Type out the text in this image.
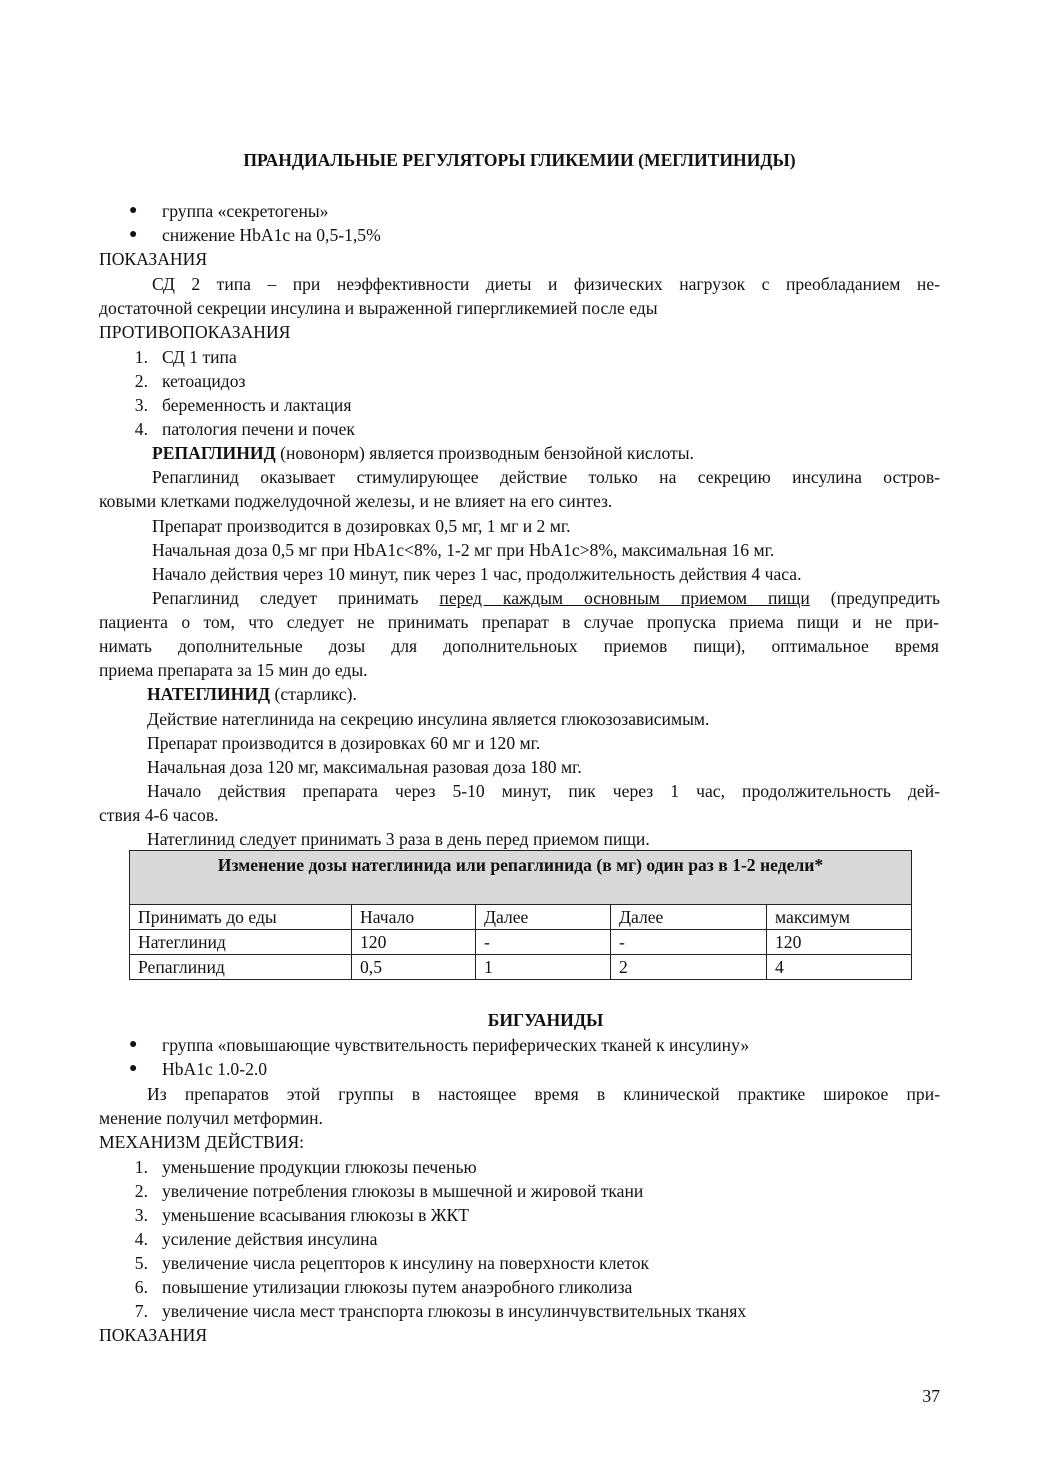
ПРАНДИАЛЬНЫЕ РЕГУЛЯТОРЫ ГЛИКЕМИИ (МЕГЛИТИНИДЫ)
● группа «секретогены»
● снижение HbA1c на 0,5-1,5%
ПОКАЗАНИЯ
СД 2 типа – при неэффективности диеты и физических нагрузок с преобладанием не-
достаточной секреции инсулина и выраженной гипергликемией после еды
ПРОТИВОПОКАЗАНИЯ
1. СД 1 типа
2. кетоацидоз
3. беременность и лактация
4. патология печени и почек
РЕПАГЛИНИД (новонорм) является производным бензойной кислоты.
Репаглинид оказывает стимулирующее действие только на секрецию инсулина остров-
ковыми клетками поджелудочной железы, и не влияет на его синтез.
Препарат производится в дозировках 0,5 мг, 1 мг и 2 мг.
Начальная доза 0,5 мг при HbA1c<8%, 1-2 мг при HbA1c>8%, максимальная 16 мг.
Начало действия через 10 минут, пик через 1 час, продолжительность действия 4 часа.
Репаглинид следует принимать перед каждым основным приемом пищи (предупредить
пациента о том, что следует не принимать препарат в случае пропуска приема пищи и не при-
нимать дополнительные дозы для дополнительноых приемов пищи), оптимальное время
приема препарата за 15 мин до еды.
НАТЕГЛИНИД (старликс).
Действие натеглинида на секрецию инсулина является глюкозозависимым.
Препарат производится в дозировках 60 мг и 120 мг.
Начальная доза 120 мг, максимальная разовая доза 180 мг.
Начало действия препарата через 5-10 минут, пик через 1 час, продолжительность дей-
ствия 4-6 часов.
Натеглинид следует принимать 3 раза в день перед приемом пищи.
Изменение дозы натеглинида или репаглинида (в мг) один раз в 1-2 недели*				
Принимать до еды	Начало	Далее	Далее	максимум
Натеглинид	120	-	-	120
Репаглинид	0,5	1	2	4
БИГУАНИДЫ
● группа «повышающие чувствительность периферических тканей к инсулину»
● HbA1c 1.0-2.0
Из препаратов этой группы в настоящее время в клинической практике широкое при-
менение получил метформин.
МЕХАНИЗМ ДЕЙСТВИЯ:
1. уменьшение продукции глюкозы печенью
2. увеличение потребления глюкозы в мышечной и жировой ткани
3. уменьшение всасывания глюкозы в ЖКТ
4. усиление действия инсулина
5. увеличение числа рецепторов к инсулину на поверхности клеток
6. повышение утилизации глюкозы путем анаэробного гликолиза
7. увеличение числа мест транспорта глюкозы в инсулинчувствительных тканях
ПОКАЗАНИЯ
37
